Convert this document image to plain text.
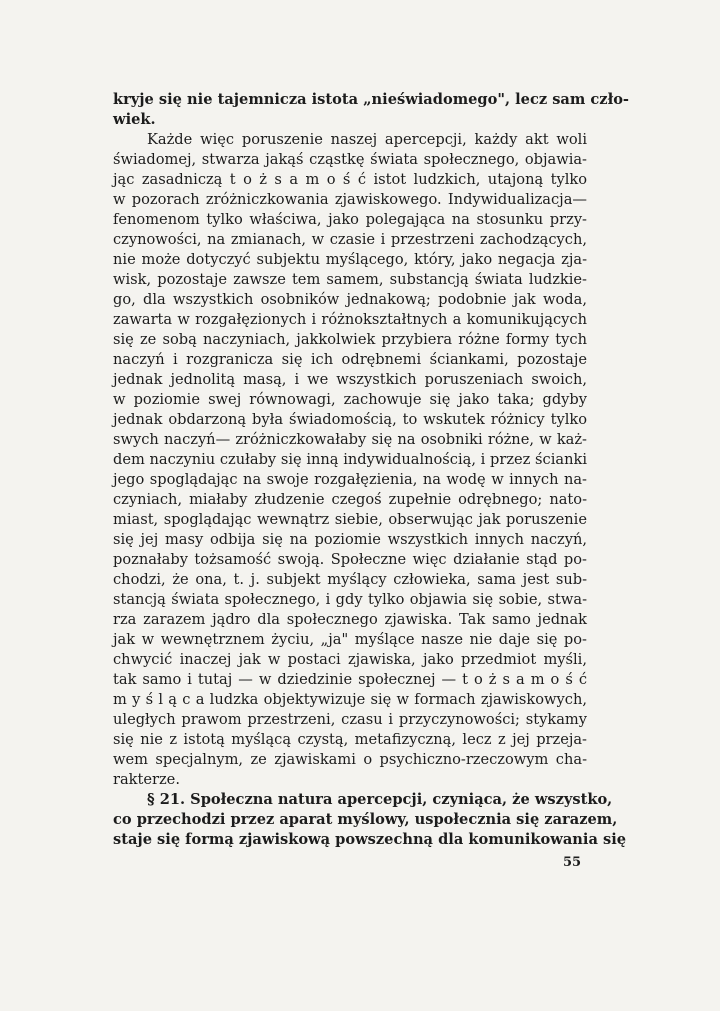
kryje się nie tajemnicza istota „nieświadomego", lecz sam czło-
wiek.
Każde więc poruszenie naszej apercepcji, każdy akt woli
świadomej, stwarza jakąś cząstkę świata społecznego, objawia-
jąc zasadniczą t o ż s a m o ś ć istot ludzkich, utajoną tylko
w pozorach zróżniczkowania zjawiskowego. Indywidualizacja—
fenomenom tylko właściwa, jako polegająca na stosunku przy-
czynowości, na zmianach, w czasie i przestrzeni zachodzących,
nie może dotyczyć subjektu myślącego, który, jako negacja zja-
wisk, pozostaje zawsze tem samem, substancją świata ludzkie-
go, dla wszystkich osobników jednakową; podobnie jak woda,
zawarta w rozgałęzionych i różnokształtnych a komunikujących
się ze sobą naczyniach, jakkolwiek przybiera różne formy tych
naczyń i rozgranicza się ich odrębnemi ściankami, pozostaje
jednak jednolitą masą, i we wszystkich poruszeniach swoich,
w poziomie swej równowagi, zachowuje się jako taka; gdyby
jednak obdarzoną była świadomością, to wskutek różnicy tylko
swych naczyń— zróżniczkowałaby się na osobniki różne, w każ-
dem naczyniu czułaby się inną indywidualnością, i przez ścianki
jego spoglądając na swoje rozgałęzienia, na wodę w innych na-
czyniach, miałaby złudzenie czegoś zupełnie odrębnego; nato-
miast, spoglądając wewnątrz siebie, obserwując jak poruszenie
się jej masy odbija się na poziomie wszystkich innych naczyń,
poznałaby tożsamość swoją. Społeczne więc działanie stąd po-
chodzi, że ona, t. j. subjekt myślący człowieka, sama jest sub-
stancją świata społecznego, i gdy tylko objawia się sobie, stwa-
rza zarazem jądro dla społecznego zjawiska. Tak samo jednak
jak w wewnętrznem życiu, „ja" myślące nasze nie daje się po-
chwycić inaczej jak w postaci zjawiska, jako przedmiot myśli,
tak samo i tutaj — w dziedzinie społecznej — t o ż s a m o ś ć
m y ś l ą c a ludzka objektywizuje się w formach zjawiskowych,
uległych prawom przestrzeni, czasu i przyczynowości; stykamy
się nie z istotą myślącą czystą, metafizyczną, lecz z jej przeja-
wem specjalnym, ze zjawiskami o psychiczno-rzeczowym cha-
rakterze.
§ 21. Społeczna natura apercepcji, czyniąca, że wszystko,
co przechodzi przez aparat myślowy, uspołecznia się zarazem,
staje się formą zjawiskową powszechną dla komunikowania się
55
